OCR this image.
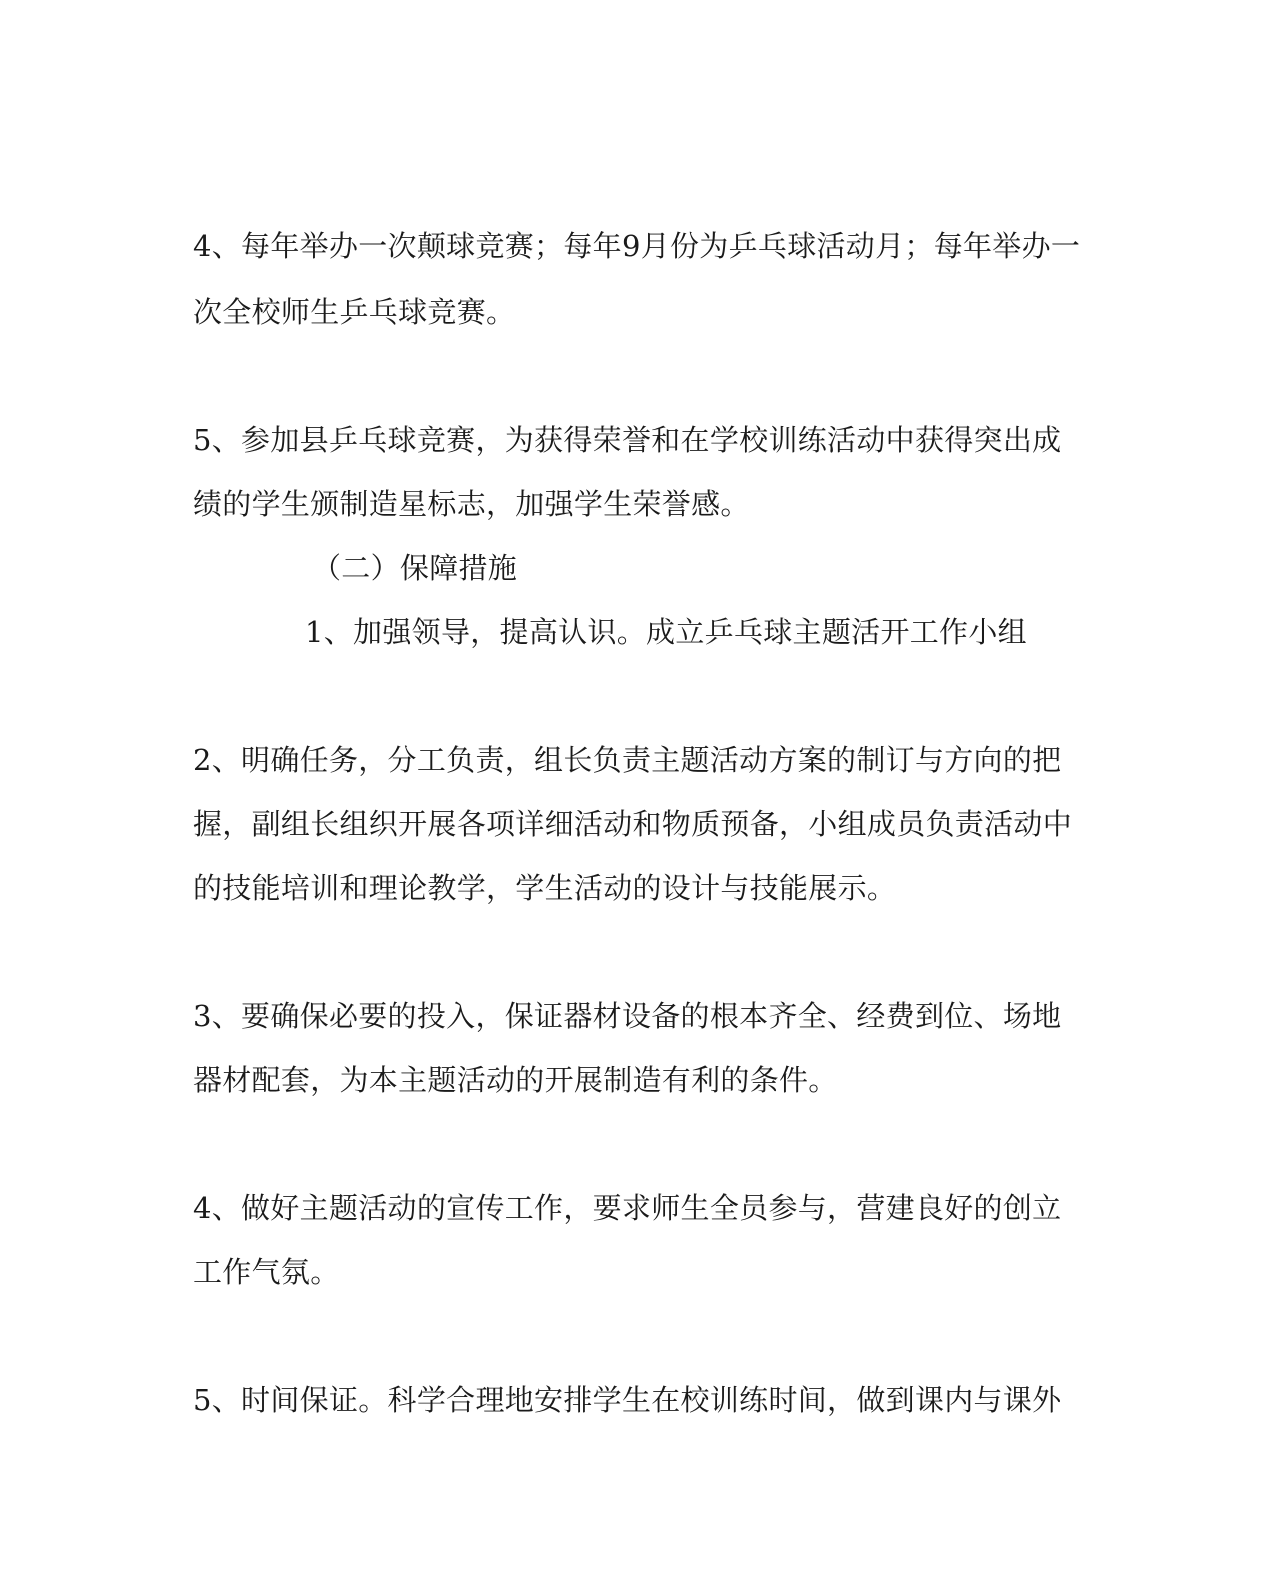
4、每年举办一次颠球竞赛；每年9月份为乒乓球活动月；每年举办一
次全校师生乒乓球竞赛。
5、参加县乒乓球竞赛，为获得荣誉和在学校训练活动中获得突出成
绩的学生颁制造星标志，加强学生荣誉感。
（二）保障措施
1、加强领导，提高认识。成立乒乓球主题活开工作小组
2、明确任务，分工负责，组长负责主题活动方案的制订与方向的把
握，副组长组织开展各项详细活动和物质预备，小组成员负责活动中
的技能培训和理论教学，学生活动的设计与技能展示。
3、要确保必要的投入，保证器材设备的根本齐全、经费到位、场地
器材配套，为本主题活动的开展制造有利的条件。
4、做好主题活动的宣传工作，要求师生全员参与，营建良好的创立
工作气氛。
5、时间保证。科学合理地安排学生在校训练时间，做到课内与课外
